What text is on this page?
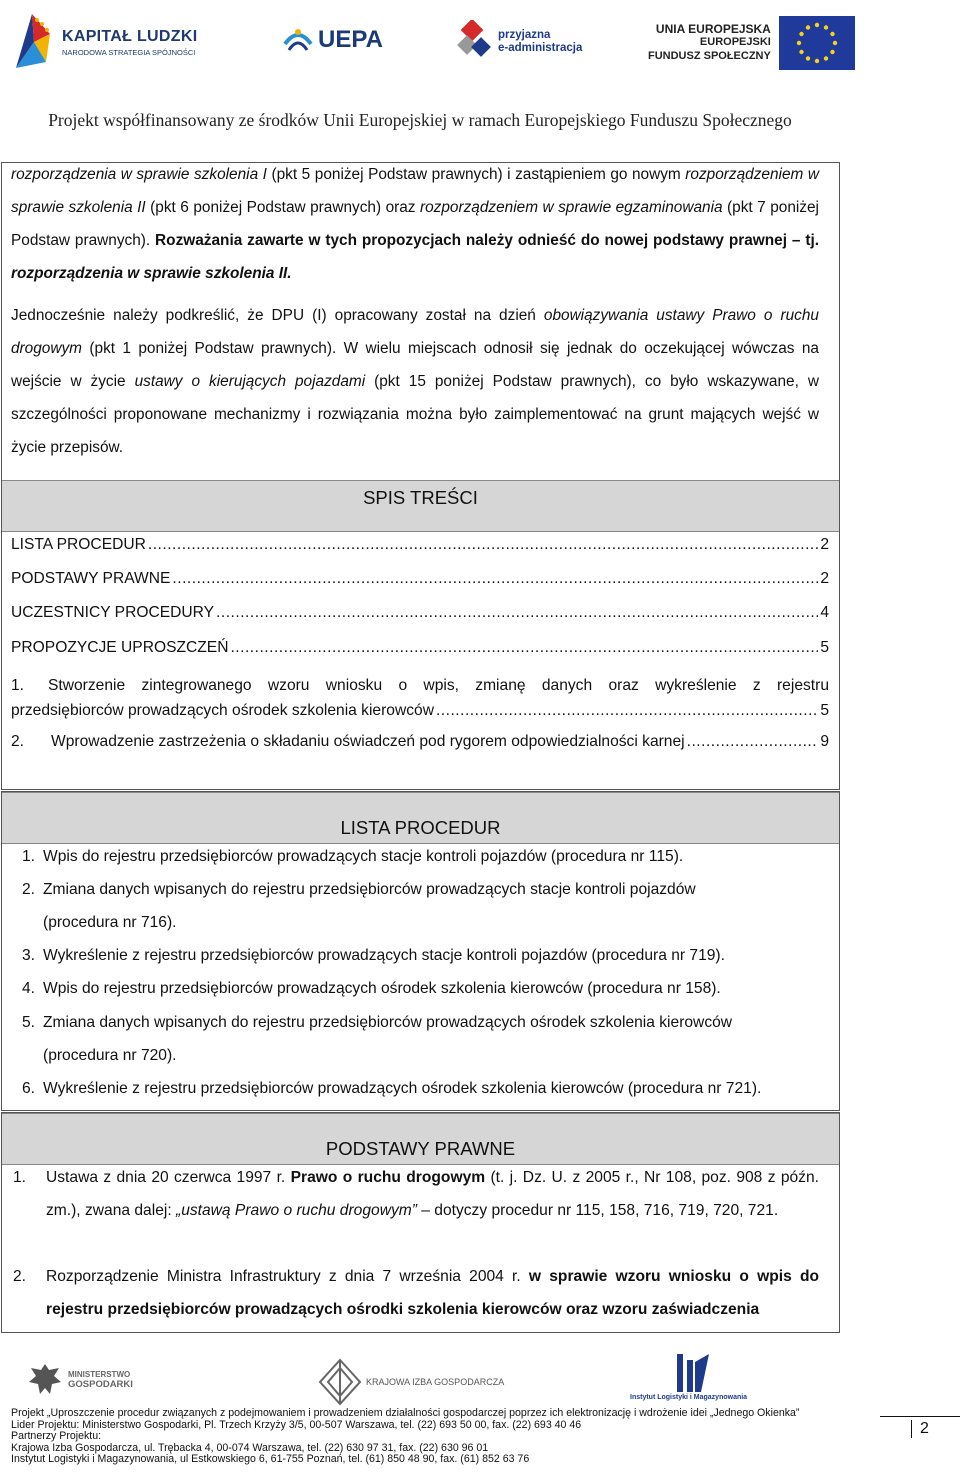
KAPITAŁ LUDZKI
NARODOWA STRATEGIA SPÓJNOŚCI	UEPA	przyjazna
e-administracja
UNIA EUROPEJSKA
EUROPEJSKI
FUNDUSZ SPOŁECZNY
Projekt współfinansowany ze środków Unii Europejskiej w ramach Europejskiego Funduszu Społecznego
rozporządzenia w sprawie szkolenia I (pkt 5 poniżej Podstaw prawnych) i zastąpieniem go nowym rozporządzeniem w sprawie szkolenia II (pkt 6 poniżej Podstaw prawnych) oraz rozporządzeniem w sprawie egzaminowania (pkt 7 poniżej Podstaw prawnych). Rozważania zawarte w tych propozycjach należy odnieść do nowej podstawy prawnej – tj. rozporządzenia w sprawie szkolenia II.
Jednocześnie należy podkreślić, że DPU (I) opracowany został na dzień obowiązywania ustawy Prawo o ruchu drogowym (pkt 1 poniżej Podstaw prawnych). W wielu miejscach odnosił się jednak do oczekującej wówczas na wejście w życie ustawy o kierujących pojazdami (pkt 15 poniżej Podstaw prawnych), co było wskazywane, w szczególności proponowane mechanizmy i rozwiązania można było zaimplementować na grunt mających wejść w życie przepisów.
SPIS TREŚCI
LISTA PROCEDUR .....	2
PODSTAWY PRAWNE .....	2
UCZESTNICY PROCEDURY .....	4
PROPOZYCJE UPROSZCZEŃ .....	5
1. Stworzenie zintegrowanego wzoru wniosku o wpis, zmianę danych oraz wykreślenie z rejestru
przedsiębiorców prowadzących ośrodek szkolenia kierowców .....	5
2.	Wprowadzenie zastrzeżenia o składaniu oświadczeń pod rygorem odpowiedzialności karnej .....	9
LISTA PROCEDUR
1. Wpis do rejestru przedsiębiorców prowadzących stacje kontroli pojazdów (procedura nr 115).
2. Zmiana danych wpisanych do rejestru przedsiębiorców prowadzących stacje kontroli pojazdów
(procedura nr 716).
3. Wykreślenie z rejestru przedsiębiorców prowadzących stacje kontroli pojazdów (procedura nr 719).
4. Wpis do rejestru przedsiębiorców prowadzących ośrodek szkolenia kierowców (procedura nr 158).
5. Zmiana danych wpisanych do rejestru przedsiębiorców prowadzących ośrodek szkolenia kierowców
(procedura nr 720).
6. Wykreślenie z rejestru przedsiębiorców prowadzących ośrodek szkolenia kierowców (procedura nr 721).
PODSTAWY PRAWNE
1. Ustawa z dnia 20 czerwca 1997 r. Prawo o ruchu drogowym (t. j. Dz. U. z 2005 r., Nr 108, poz. 908 z późn. zm.), zwana dalej: „ustawą Prawo o ruchu drogowym” – dotyczy procedur nr 115, 158, 716, 719, 720, 721.
2. Rozporządzenie Ministra Infrastruktury z dnia 7 września 2004 r. w sprawie wzoru wniosku o wpis do rejestru przedsiębiorców prowadzących ośrodki szkolenia kierowców oraz wzoru zaświadczenia
MINISTERSTWO
GOSPODARKI	KRAJOWA IZBA GOSPODARCZA
Instytut Logistyki i Magazynowania
Projekt „Uproszczenie procedur związanych z podejmowaniem i prowadzeniem działalności gospodarczej poprzez ich elektronizację i wdrożenie idei „Jednego Okienka”
Lider Projektu: Ministerstwo Gospodarki, Pl. Trzech Krzyży 3/5, 00-507 Warszawa, tel. (22) 693 50 00, fax. (22) 693 40 46
Partnerzy Projektu:
Krajowa Izba Gospodarcza, ul. Trębacka 4, 00-074 Warszawa, tel. (22) 630 97 31, fax. (22) 630 96 01
Instytut Logistyki i Magazynowania, ul Estkowskiego 6, 61-755 Poznań, tel. (61) 850 48 90, fax. (61) 852 63 76
2
